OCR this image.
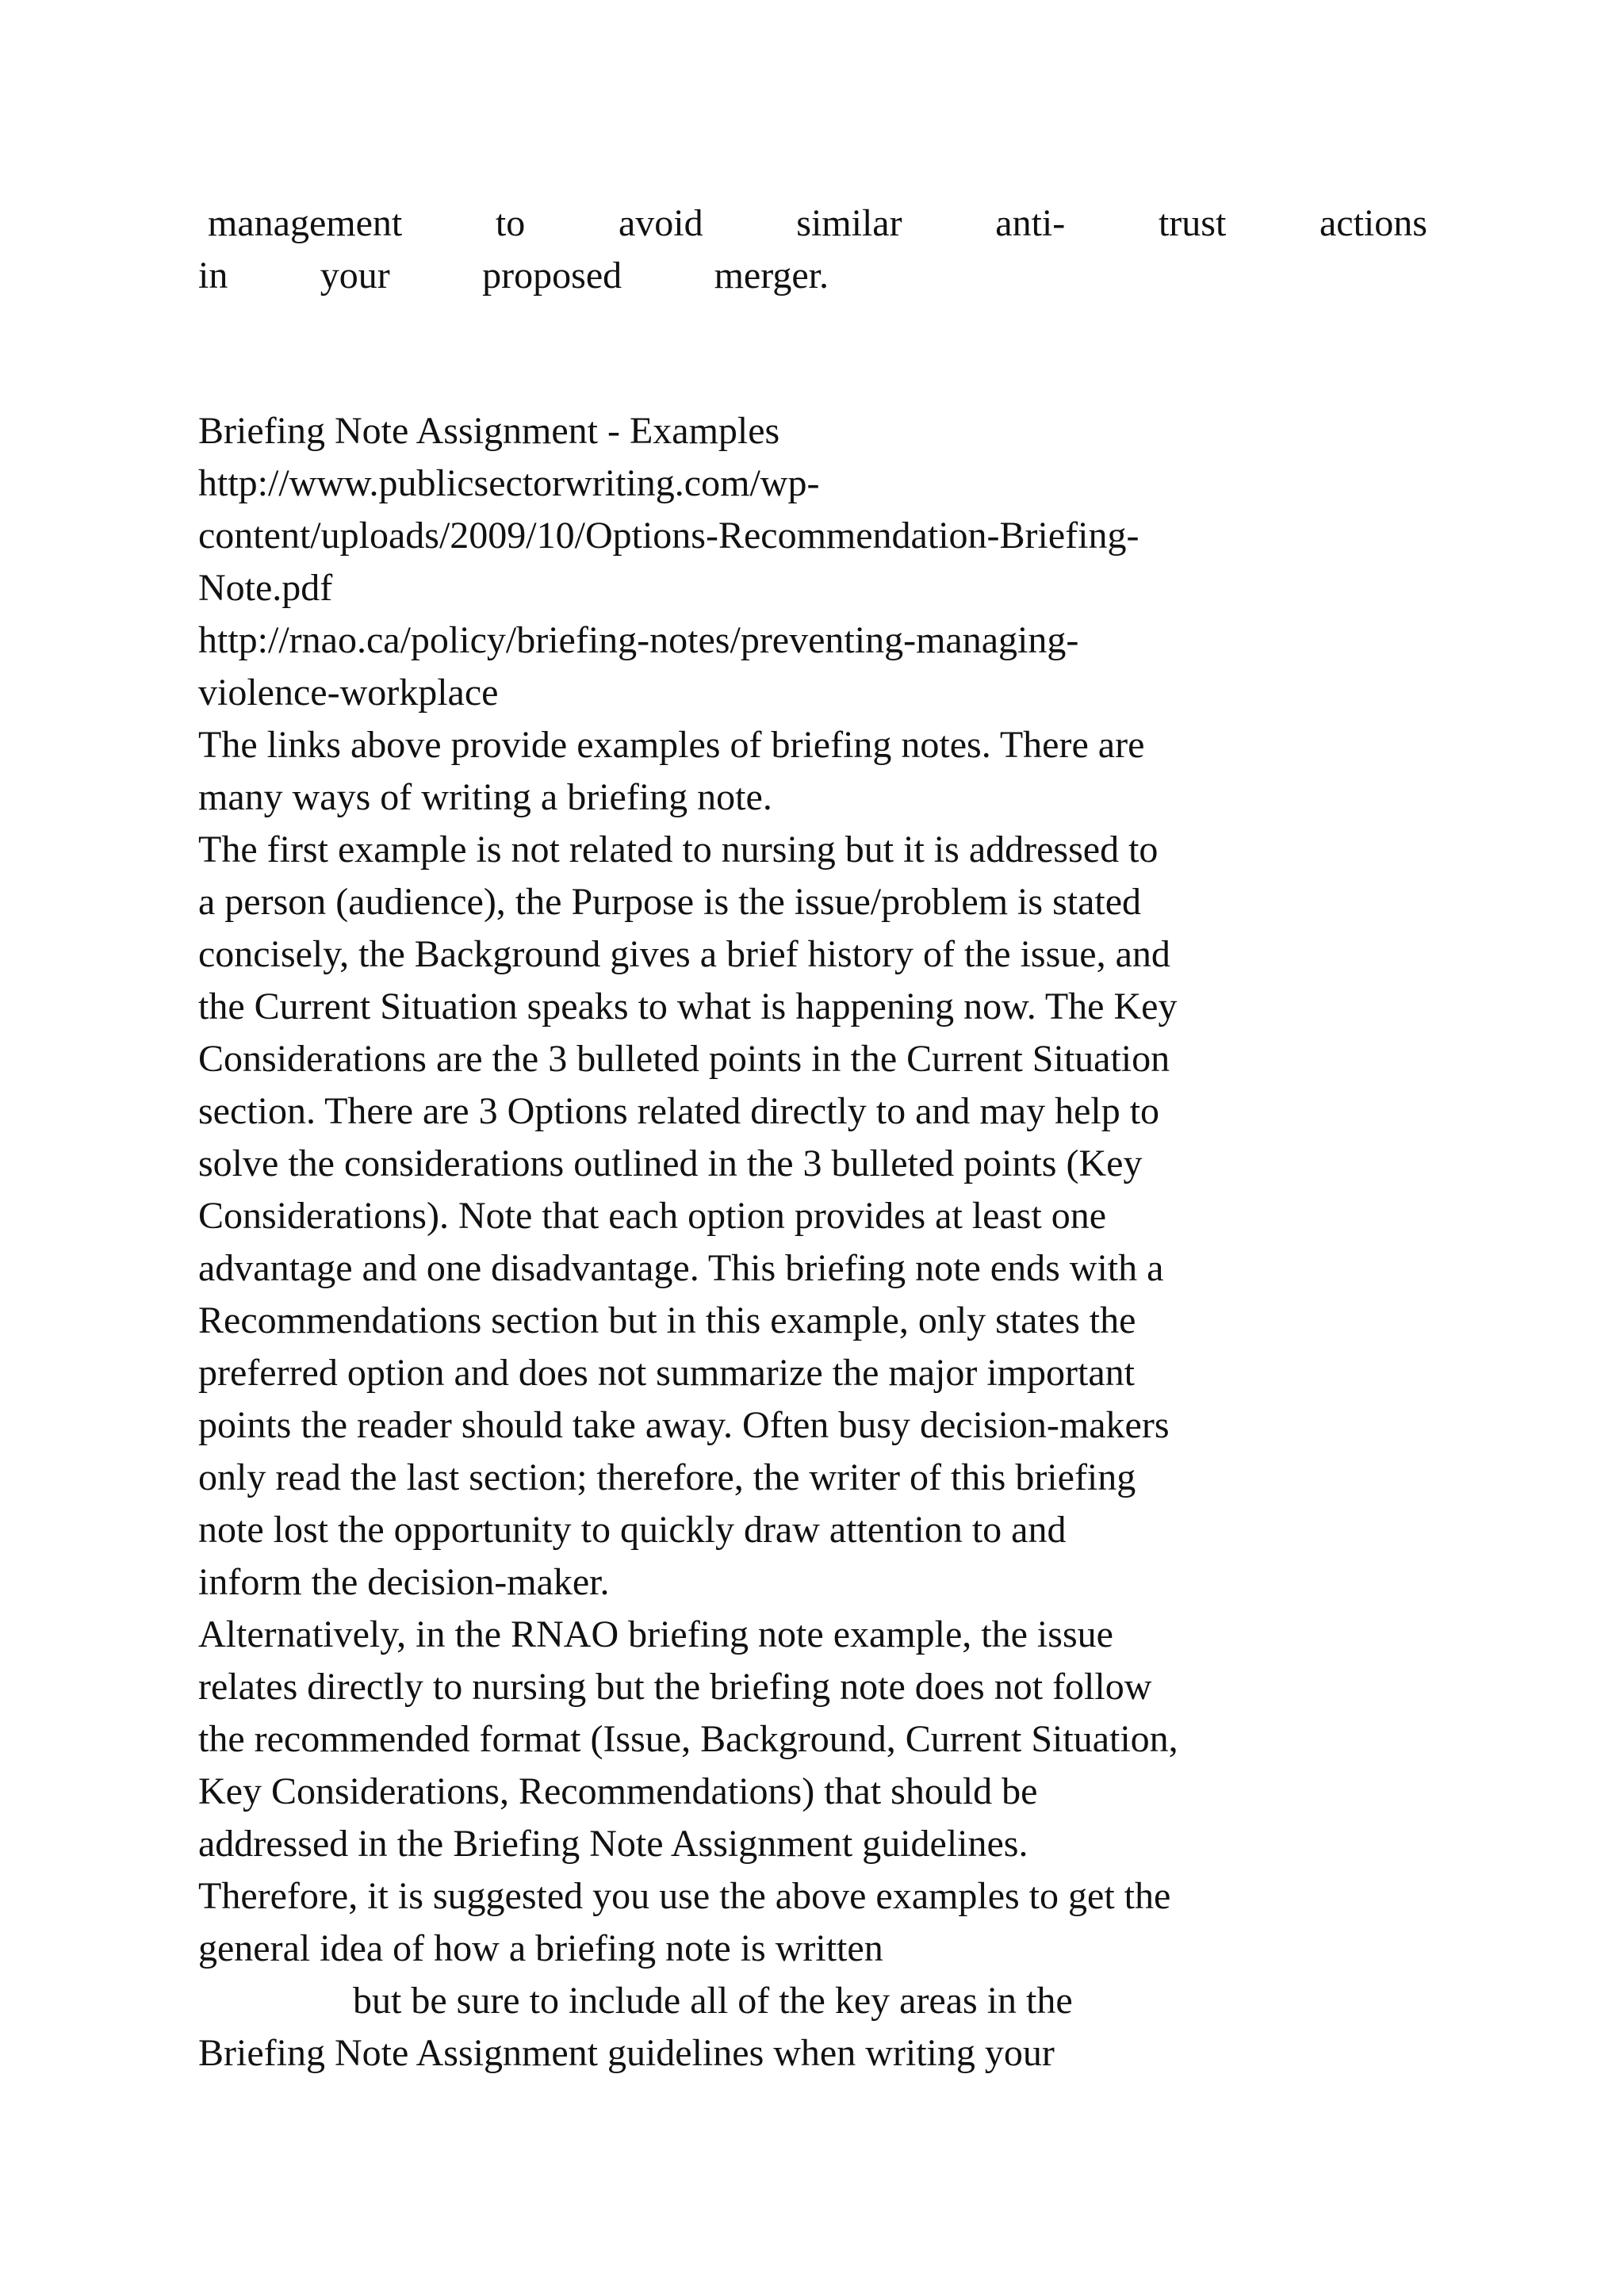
management to avoid similar anti- trust actions
in your proposed merger.
Briefing Note Assignment - Examples
http://www.publicsectorwriting.com/wp-
content/uploads/2009/10/Options-Recommendation-Briefing-
Note.pdf
http://rnao.ca/policy/briefing-notes/preventing-managing-
violence-workplace
The links above provide examples of briefing notes. There are
many ways of writing a briefing note.
The first example is not related to nursing but it is addressed to
a person (audience), the Purpose is the issue/problem is stated
concisely, the Background gives a brief history of the issue, and
the Current Situation speaks to what is happening now. The Key
Considerations are the 3 bulleted points in the Current Situation
section. There are 3 Options related directly to and may help to
solve the considerations outlined in the 3 bulleted points (Key
Considerations). Note that each option provides at least one
advantage and one disadvantage. This briefing note ends with a
Recommendations section but in this example, only states the
preferred option and does not summarize the major important
points the reader should take away. Often busy decision-makers
only read the last section; therefore, the writer of this briefing
note lost the opportunity to quickly draw attention to and
inform the decision-maker.
Alternatively, in the RNAO briefing note example, the issue
relates directly to nursing but the briefing note does not follow
the recommended format (Issue, Background, Current Situation,
Key Considerations, Recommendations) that should be
addressed in the Briefing Note Assignment guidelines.
Therefore, it is suggested you use the above examples to get the
general idea of how a briefing note is written
but be sure to include all of the key areas in the
Briefing Note Assignment guidelines when writing your
